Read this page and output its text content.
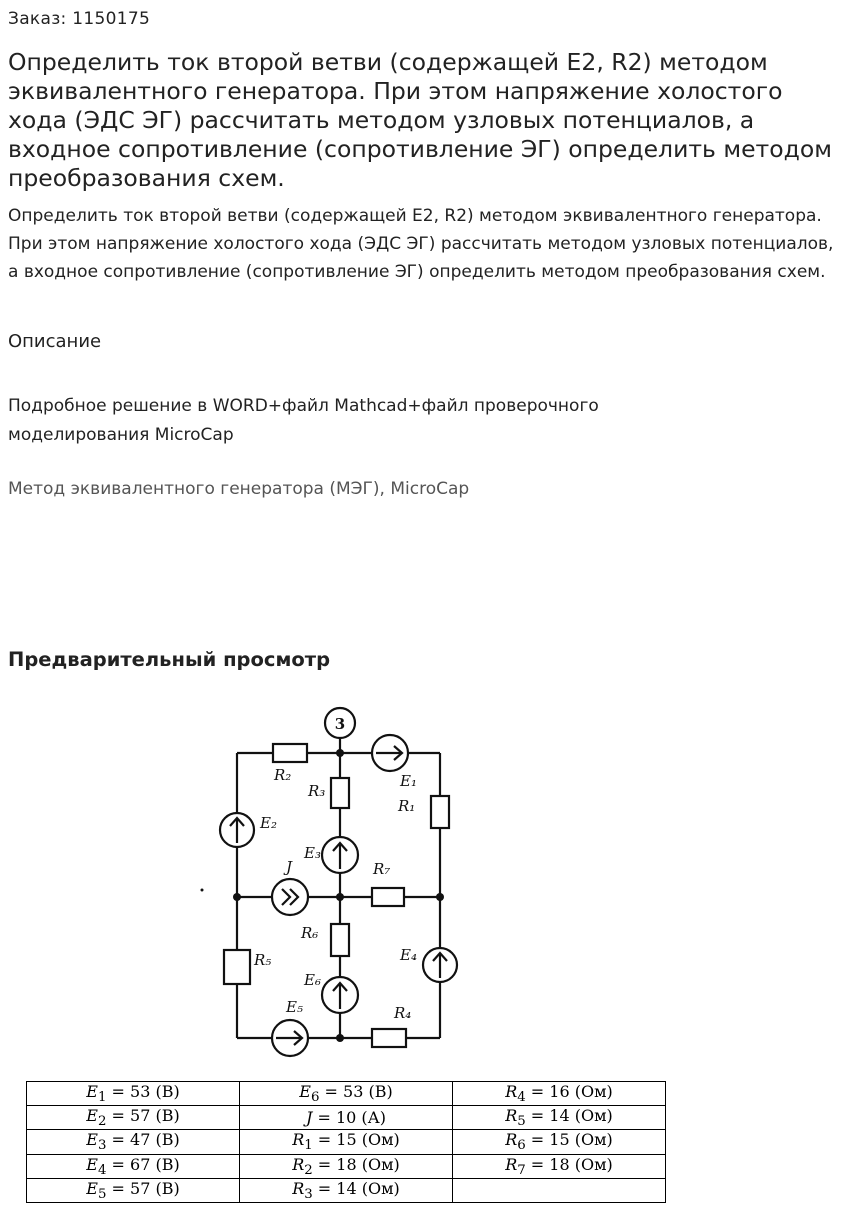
Заказ: 1150175
Определить ток второй ветви (содержащей E2, R2) методом эквивалентного генератора. При этом напряжение холостого хода (ЭДС ЭГ) рассчитать методом узловых потенциалов, а входное сопротивление (сопротивление ЭГ) определить методом преобразования схем.
Определить ток второй ветви (содержащей E2, R2) методом эквивалентного генератора. При этом напряжение холостого хода (ЭДС ЭГ) рассчитать методом узловых потенциалов, а входное сопротивление (сопротивление ЭГ) определить методом преобразования схем.
Описание
Подробное решение в WORD+файл Mathcad+файл проверочного моделирования MicroCap
Метод эквивалентного генератора (МЭГ), MicroCap
Предварительный просмотр
3
R₂
R₃
E₁
R₁
E₂
E₃
J	R₇
R₆
E₄
R₅
E₆
E₅	R₄
$E_1 = 53$ (В)	$E_6 = 53$ (В)	$R_4 = 16$ (Ом)
$E_2 = 57$ (В)	J = 10 (А)	$R_5 = 14$ (Ом)
$E_3 = 47$ (В)	$R_1 = 15$ (Ом)	$R_6 = 15$ (Ом)
$E_4 = 67$ (В)	$R_2 = 18$ (Ом)	$R_7 = 18$ (Ом)
$E_5 = 57$ (В)	$R_3 = 14$ (Ом)	
